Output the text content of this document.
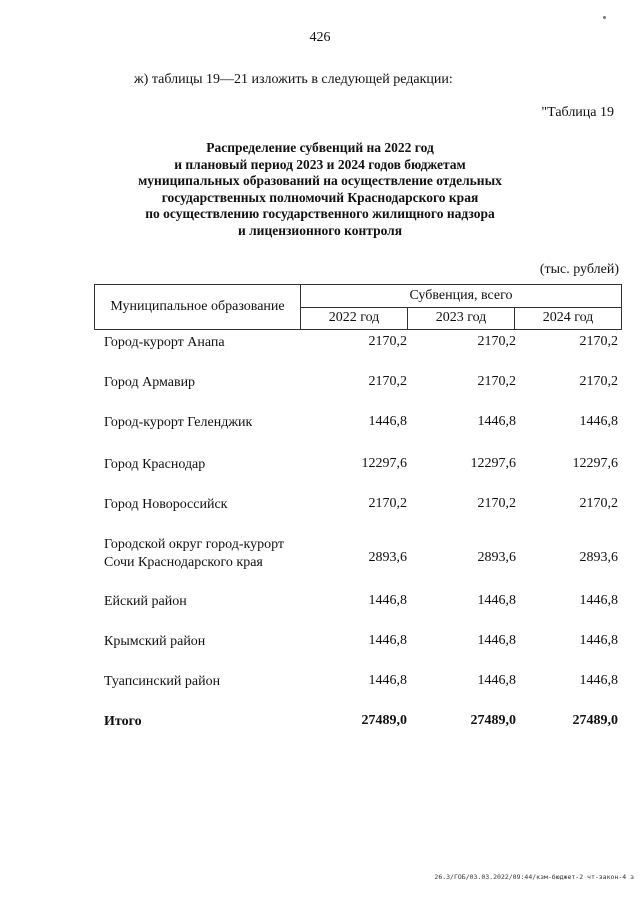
426
ж) таблицы 19—21 изложить в следующей редакции:
"Таблица 19
Распределение субвенций на 2022 год
и плановый период 2023 и 2024 годов бюджетам
муниципальных образований на осуществление отдельных
государственных полномочий Краснодарского края
по осуществлению государственного жилищного надзора
и лицензионного контроля
(тыс. рублей)
Муниципальное образование	Субвенция, всего		
	2022 год	2023 год	2024 год
Город-курорт Анапа	2170,2	2170,2	2170,2
Город Армавир	2170,2	2170,2	2170,2
Город-курорт Геленджик	1446,8	1446,8	1446,8
Город Краснодар	12297,6	12297,6	12297,6
Город Новороссийск	2170,2	2170,2	2170,2
Городской округ город-курорт
Сочи Краснодарского края	2893,6	2893,6	2893,6
Ейский район	1446,8	1446,8	1446,8
Крымский район	1446,8	1446,8	1446,8
Туапсинский район	1446,8	1446,8	1446,8
Итого	27489,0	27489,0	27489,0
26.3/ГОБ/03.03.2022/09:44/кзм-бюджет-2 чт-закон-4 з
